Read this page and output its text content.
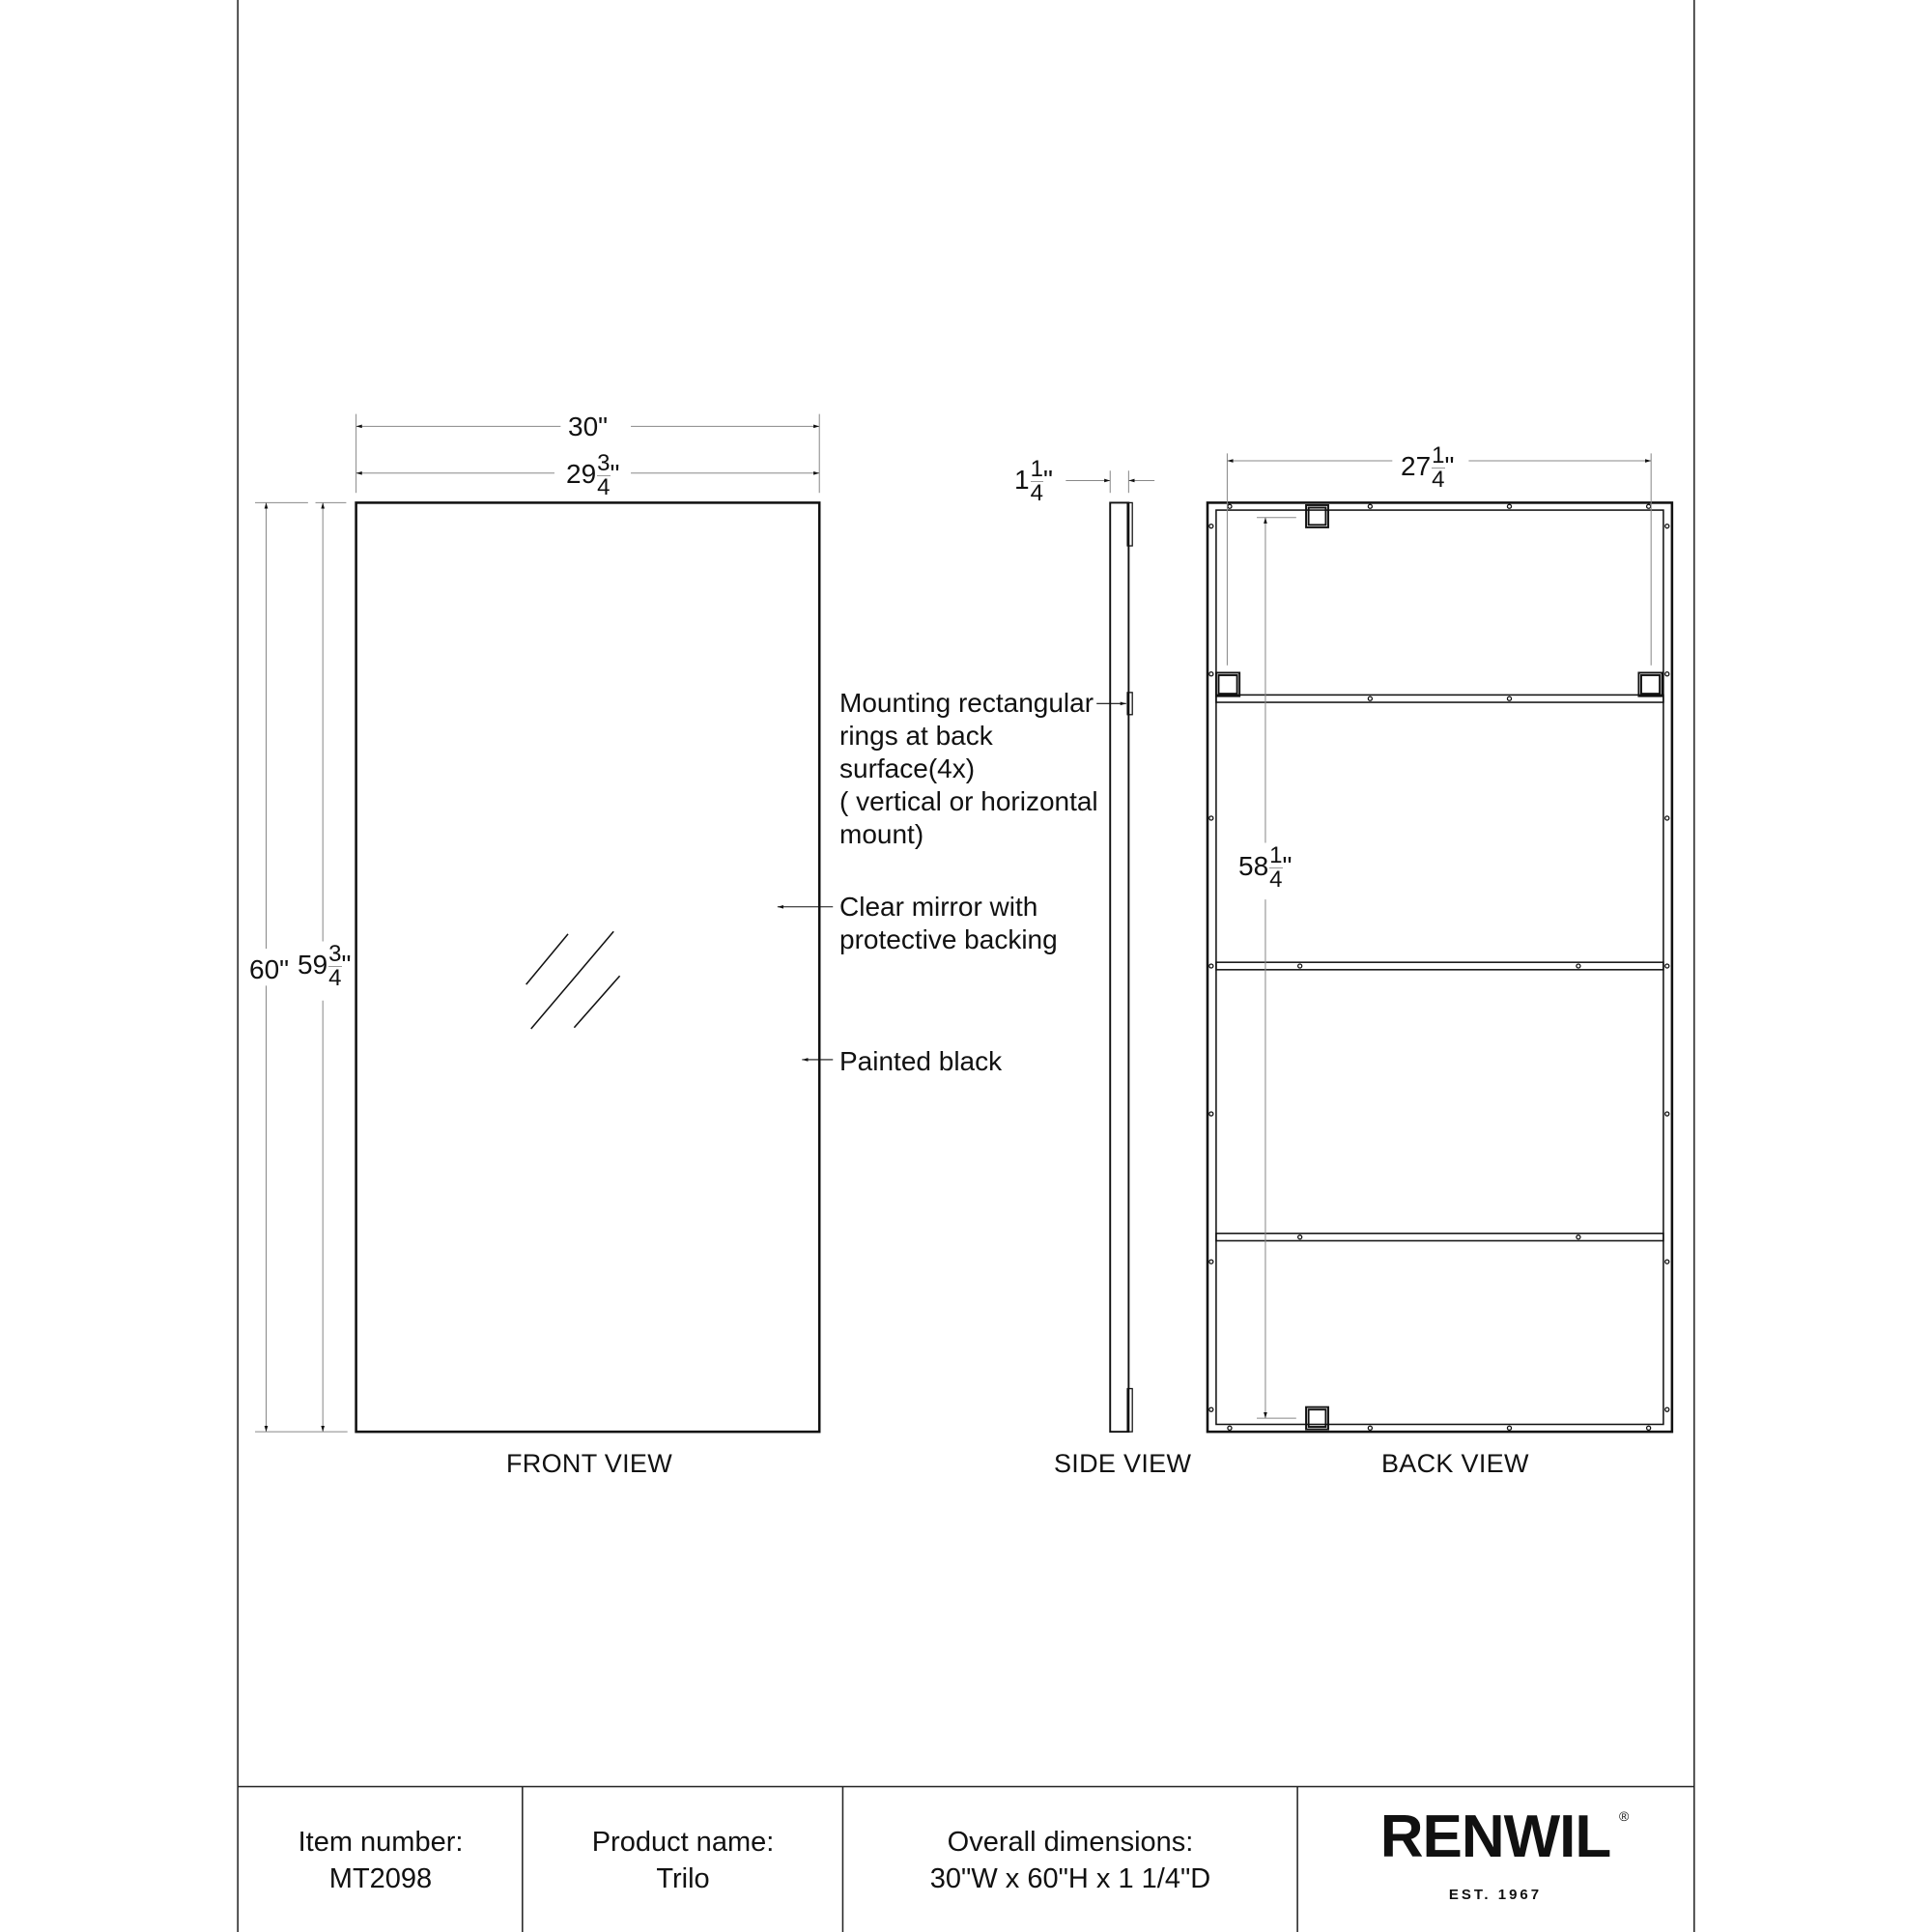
30"
$29 \frac{3}{4}$ "
60" $59 \frac{3}{4}$ "
$1 \frac{1}{4}$ "	$27 \frac{1}{4}$ "
$58 \frac{1}{4}$ "
Mounting rectangular
rings at back
surface(4x)
( vertical or horizontal
mount)
Clear mirror with
protective backing
Painted black
FRONT VIEW	SIDE VIEW	BACK VIEW
Item number:
MT2098
Product name:
Trilo
Overall dimensions:
30"W x 60"H x 1 1/4"D
RENWIL ®
EST. 1967
